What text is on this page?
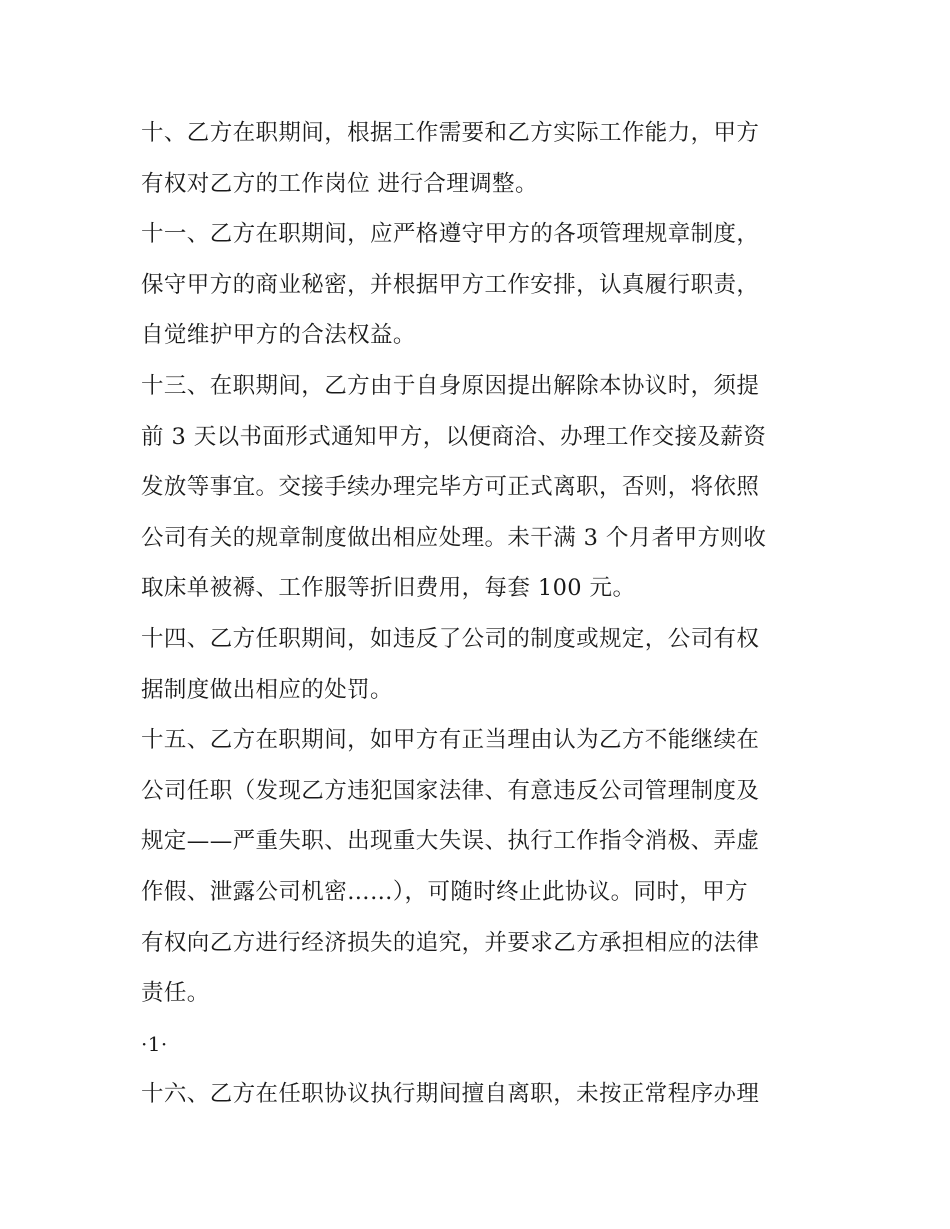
十、乙方在职期间，根据工作需要和乙方实际工作能力，甲方
有权对乙方的工作岗位 进行合理调整。
十一、乙方在职期间，应严格遵守甲方的各项管理规章制度，
保守甲方的商业秘密，并根据甲方工作安排，认真履行职责，
自觉维护甲方的合法权益。
十三、在职期间，乙方由于自身原因提出解除本协议时，须提
前 3 天以书面形式通知甲方，以便商洽、办理工作交接及薪资
发放等事宜。交接手续办理完毕方可正式离职，否则，将依照
公司有关的规章制度做出相应处理。未干满 3 个月者甲方则收
取床单被褥、工作服等折旧费用，每套 100 元。
十四、乙方任职期间，如违反了公司的制度或规定，公司有权
据制度做出相应的处罚。
十五、乙方在职期间，如甲方有正当理由认为乙方不能继续在
公司任职（发现乙方违犯国家法律、有意违反公司管理制度及
规定——严重失职、出现重大失误、执行工作指令消极、弄虚
作假、泄露公司机密……），可随时终止此协议。同时，甲方
有权向乙方进行经济损失的追究，并要求乙方承担相应的法律
责任。
· 1 ·
十六、乙方在任职协议执行期间擅自离职，未按正常程序办理
